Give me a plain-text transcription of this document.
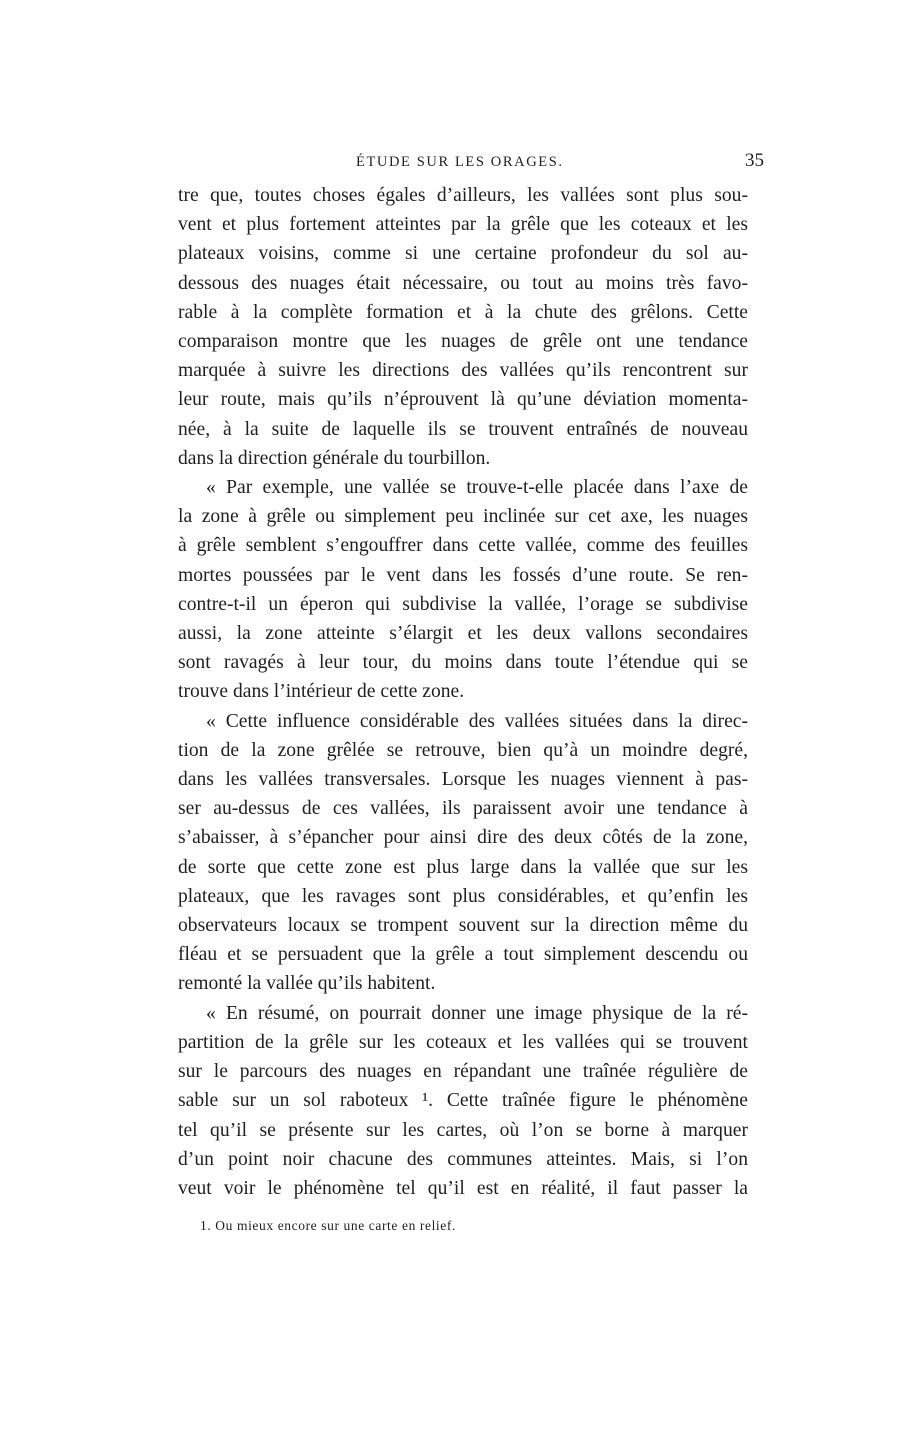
ÉTUDE SUR LES ORAGES.	35
tre que, toutes choses égales d’ailleurs, les vallées sont plus sou-
vent et plus fortement atteintes par la grêle que les coteaux et les
plateaux voisins, comme si une certaine profondeur du sol au-
dessous des nuages était nécessaire, ou tout au moins très favo-
rable à la complète formation et à la chute des grêlons. Cette
comparaison montre que les nuages de grêle ont une tendance
marquée à suivre les directions des vallées qu’ils rencontrent sur
leur route, mais qu’ils n’éprouvent là qu’une déviation momenta-
née, à la suite de laquelle ils se trouvent entraînés de nouveau
dans la direction générale du tourbillon.
« Par exemple, une vallée se trouve-t-elle placée dans l’axe de
la zone à grêle ou simplement peu inclinée sur cet axe, les nuages
à grêle semblent s’engouffrer dans cette vallée, comme des feuilles
mortes poussées par le vent dans les fossés d’une route. Se ren-
contre-t-il un éperon qui subdivise la vallée, l’orage se subdivise
aussi, la zone atteinte s’élargit et les deux vallons secondaires
sont ravagés à leur tour, du moins dans toute l’étendue qui se
trouve dans l’intérieur de cette zone.
« Cette influence considérable des vallées situées dans la direc-
tion de la zone grêlée se retrouve, bien qu’à un moindre degré,
dans les vallées transversales. Lorsque les nuages viennent à pas-
ser au-dessus de ces vallées, ils paraissent avoir une tendance à
s’abaisser, à s’épancher pour ainsi dire des deux côtés de la zone,
de sorte que cette zone est plus large dans la vallée que sur les
plateaux, que les ravages sont plus considérables, et qu’enfin les
observateurs locaux se trompent souvent sur la direction même du
fléau et se persuadent que la grêle a tout simplement descendu ou
remonté la vallée qu’ils habitent.
« En résumé, on pourrait donner une image physique de la ré-
partition de la grêle sur les coteaux et les vallées qui se trouvent
sur le parcours des nuages en répandant une traînée régulière de
sable sur un sol raboteux ¹. Cette traînée figure le phénomène
tel qu’il se présente sur les cartes, où l’on se borne à marquer
d’un point noir chacune des communes atteintes. Mais, si l’on
veut voir le phénomène tel qu’il est en réalité, il faut passer la
1. Ou mieux encore sur une carte en relief.
